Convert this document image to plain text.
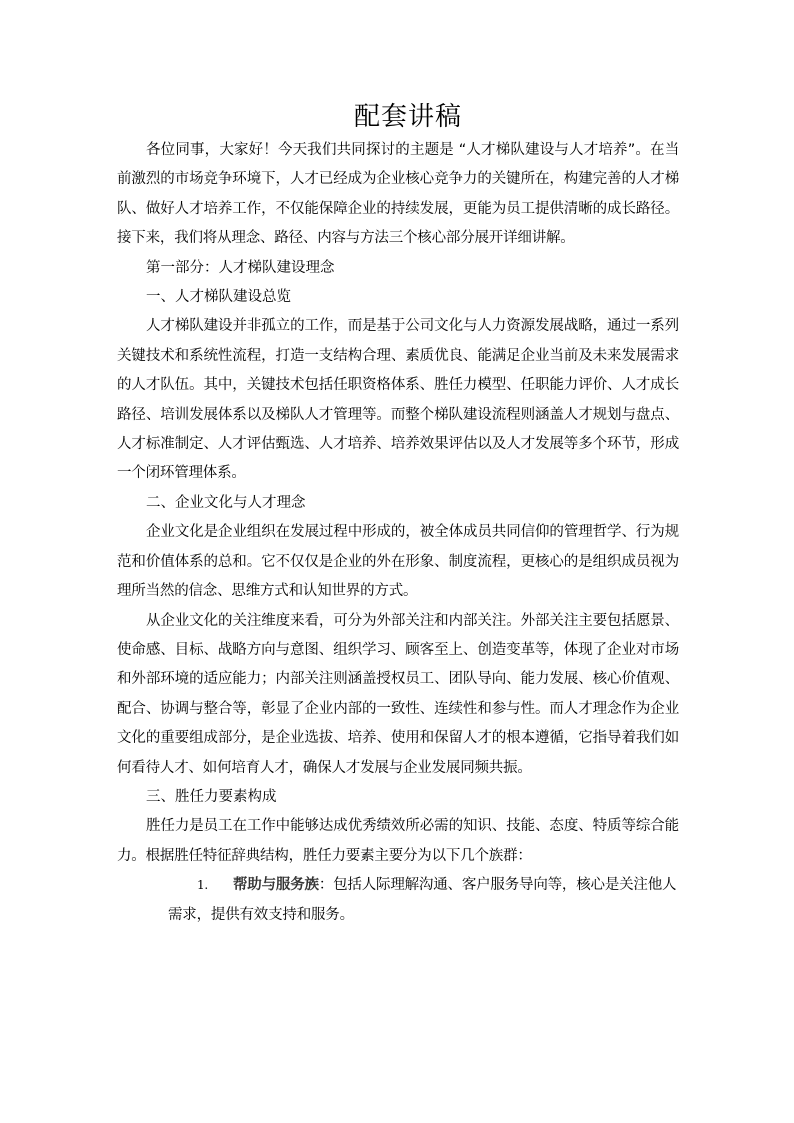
配套讲稿

各位同事，大家好！今天我们共同探讨的主题是 “人才梯队建设与人才培养”。在当前激烈的市场竞争环境下，人才已经成为企业核心竞争力的关键所在，构建完善的人才梯队、做好人才培养工作，不仅能保障企业的持续发展，更能为员工提供清晰的成长路径。接下来，我们将从理念、路径、内容与方法三个核心部分展开详细讲解。

第一部分：人才梯队建设理念

一、人才梯队建设总览

人才梯队建设并非孤立的工作，而是基于公司文化与人力资源发展战略，通过一系列关键技术和系统性流程，打造一支结构合理、素质优良、能满足企业当前及未来发展需求的人才队伍。其中，关键技术包括任职资格体系、胜任力模型、任职能力评价、人才成长路径、培训发展体系以及梯队人才管理等。而整个梯队建设流程则涵盖人才规划与盘点、人才标准制定、人才评估甄选、人才培养、培养效果评估以及人才发展等多个环节，形成一个闭环管理体系。

二、企业文化与人才理念

企业文化是企业组织在发展过程中形成的，被全体成员共同信仰的管理哲学、行为规范和价值体系的总和。它不仅仅是企业的外在形象、制度流程，更核心的是组织成员视为理所当然的信念、思维方式和认知世界的方式。

从企业文化的关注维度来看，可分为外部关注和内部关注。外部关注主要包括愿景、使命感、目标、战略方向与意图、组织学习、顾客至上、创造变革等，体现了企业对市场和外部环境的适应能力；内部关注则涵盖授权员工、团队导向、能力发展、核心价值观、配合、协调与整合等，彰显了企业内部的一致性、连续性和参与性。而人才理念作为企业文化的重要组成部分，是企业选拔、培养、使用和保留人才的根本遵循，它指导着我们如何看待人才、如何培育人才，确保人才发展与企业发展同频共振。

三、胜任力要素构成

胜任力是员工在工作中能够达成优秀绩效所必需的知识、技能、态度、特质等综合能力。根据胜任特征辞典结构，胜任力要素主要分为以下几个族群：

1. 帮助与服务族：包括人际理解沟通、客户服务导向等，核心是关注他人需求，提供有效支持和服务。
